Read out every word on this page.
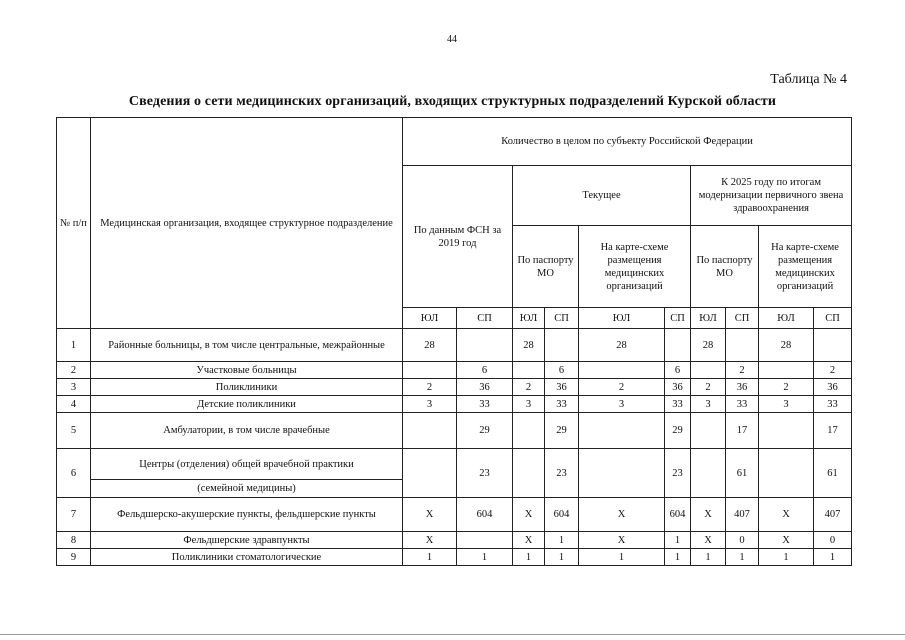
44
Таблица № 4
Сведения о сети медицинских организаций, входящих структурных подразделений Курской области
№ п/п	Медицинская организация, входящее структурное подразделение	Количество в целом по субъекту Российской Федерации									
		По данным ФСН за 2019 год		Текущее				К 2025 году по итогам модернизации первичного звена здравоохранения			
				По паспорту МО		На карте-схеме размещения медицинских организаций		По паспорту МО		На карте-схеме размещения медицинских организаций	
		ЮЛ	СП	ЮЛ	СП	ЮЛ	СП	ЮЛ	СП	ЮЛ	СП
1	Районные больницы, в том числе центральные, межрайонные	28		28		28		28		28	
2	Участковые больницы		6		6		6		2		2
3	Поликлиники	2	36	2	36	2	36	2	36	2	36
4	Детские поликлиники	3	33	3	33	3	33	3	33	3	33
5	Амбулатории, в том числе врачебные		29		29		29		17		17
6	Центры (отделения) общей врачебной практики		23		23		23		61		61
	(семейной медицины)										
7	Фельдшерско-акушерские пункты, фельдшерские пункты	Х	604	Х	604	Х	604	Х	407	Х	407
8	Фельдшерские здравпункты	Х		Х	1	Х	1	Х	0	Х	0
9	Поликлиники стоматологические	1	1	1	1	1	1	1	1	1	1
